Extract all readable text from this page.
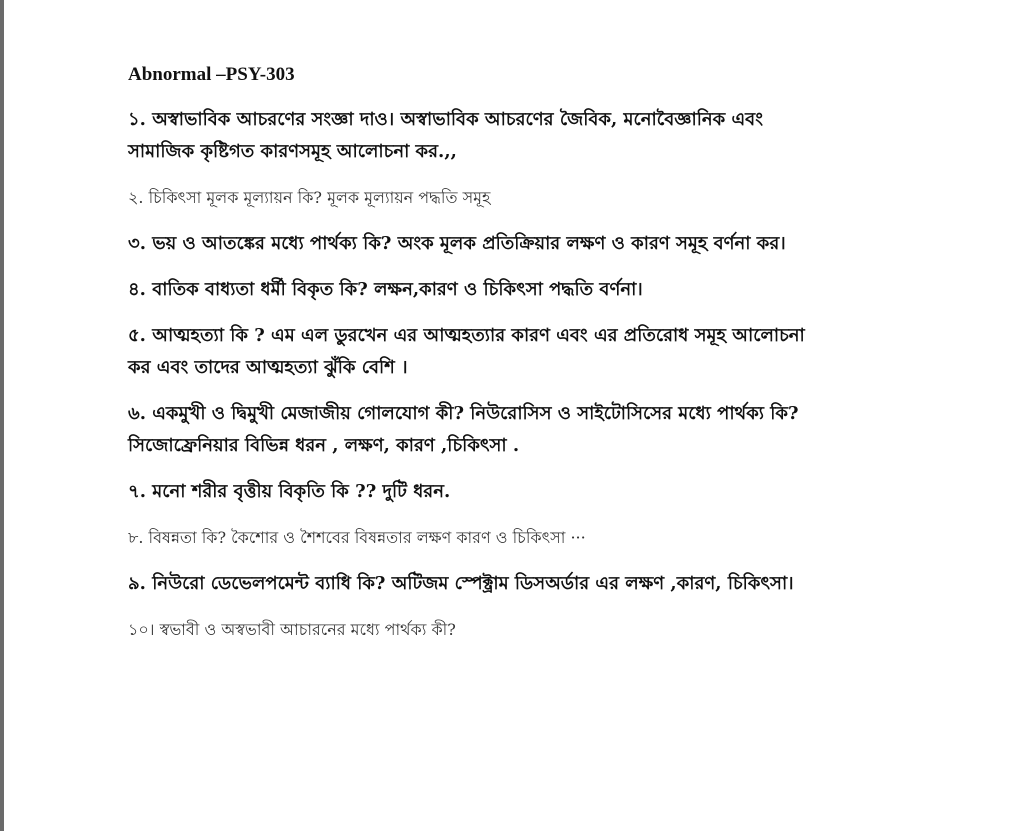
Abnormal –PSY-303

১. অস্বাভাবিক আচরণের সংজ্ঞা দাও। অস্বাভাবিক আচরণের জৈবিক, মনোবৈজ্ঞানিক এবং

সামাজিক কৃষ্টিগত কারণসমূহ আলোচনা কর.,,

২. চিকিৎসা মূলক মূল্যায়ন কি? মূলক মূল্যায়ন পদ্ধতি সমূহ

৩. ভয় ও আতঙ্কের মধ্যে পার্থক্য কি? অংক মূলক প্রতিক্রিয়ার লক্ষণ ও কারণ সমূহ বর্ণনা কর।

৪. বাতিক বাধ্যতা ধর্মী বিকৃত কি? লক্ষন,কারণ ও চিকিৎসা পদ্ধতি বর্ণনা।

৫. আত্মহত্যা কি ? এম এল ডুরখেন এর আত্মহত্যার কারণ এবং এর প্রতিরোধ সমূহ আলোচনা

কর এবং তাদের আত্মহত্যা ঝুঁকি বেশি ।

৬. একমুখী ও দ্বিমুখী মেজাজীয় গোলযোগ কী? নিউরোসিস ও সাইটোসিসের মধ্যে পার্থক্য কি?

সিজোফ্রেনিয়ার বিভিন্ন ধরন , লক্ষণ, কারণ ,চিকিৎসা .

৭. মনো শরীর বৃত্তীয় বিকৃতি কি ?? দুটি ধরন.

৮. বিষন্নতা কি? কৈশোর ও শৈশবের বিষন্নতার লক্ষণ কারণ ও চিকিৎসা ···

৯. নিউরো ডেভেলপমেন্ট ব্যাধি কি? অটিজম স্পেক্ট্রাম ডিসঅর্ডার এর লক্ষণ ,কারণ, চিকিৎসা।

১০। স্বভাবী ও অস্বভাবী আচারনের মধ্যে পার্থক্য কী?
